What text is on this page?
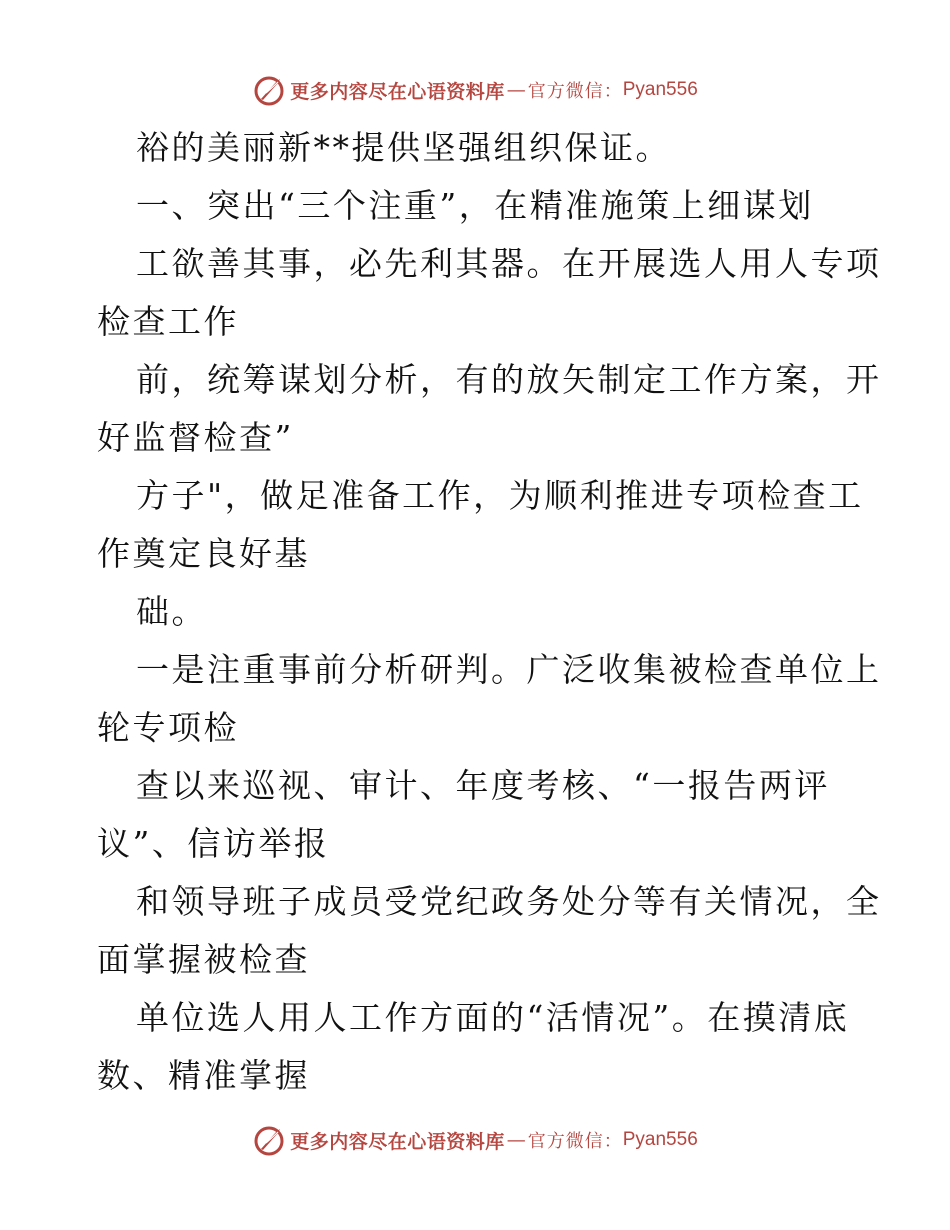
更多内容尽在心语资料库 — 官方微信： Pyan556
裕的美丽新**提供坚强组织保证。
一、突出“三个注重”，在精准施策上细谋划
工欲善其事，必先利其器。在开展选人用人专项
检查工作
前，统筹谋划分析，有的放矢制定工作方案，开
好监督检查”
方子"，做足准备工作，为顺利推进专项检查工
作奠定良好基
础。
一是注重事前分析研判。广泛收集被检查单位上
轮专项检
查以来巡视、审计、年度考核、“一报告两评
议”、信访举报
和领导班子成员受党纪政务处分等有关情况，全
面掌握被检查
单位选人用人工作方面的“活情况”。在摸清底
数、精准掌握
更多内容尽在心语资料库 — 官方微信： Pyan556
